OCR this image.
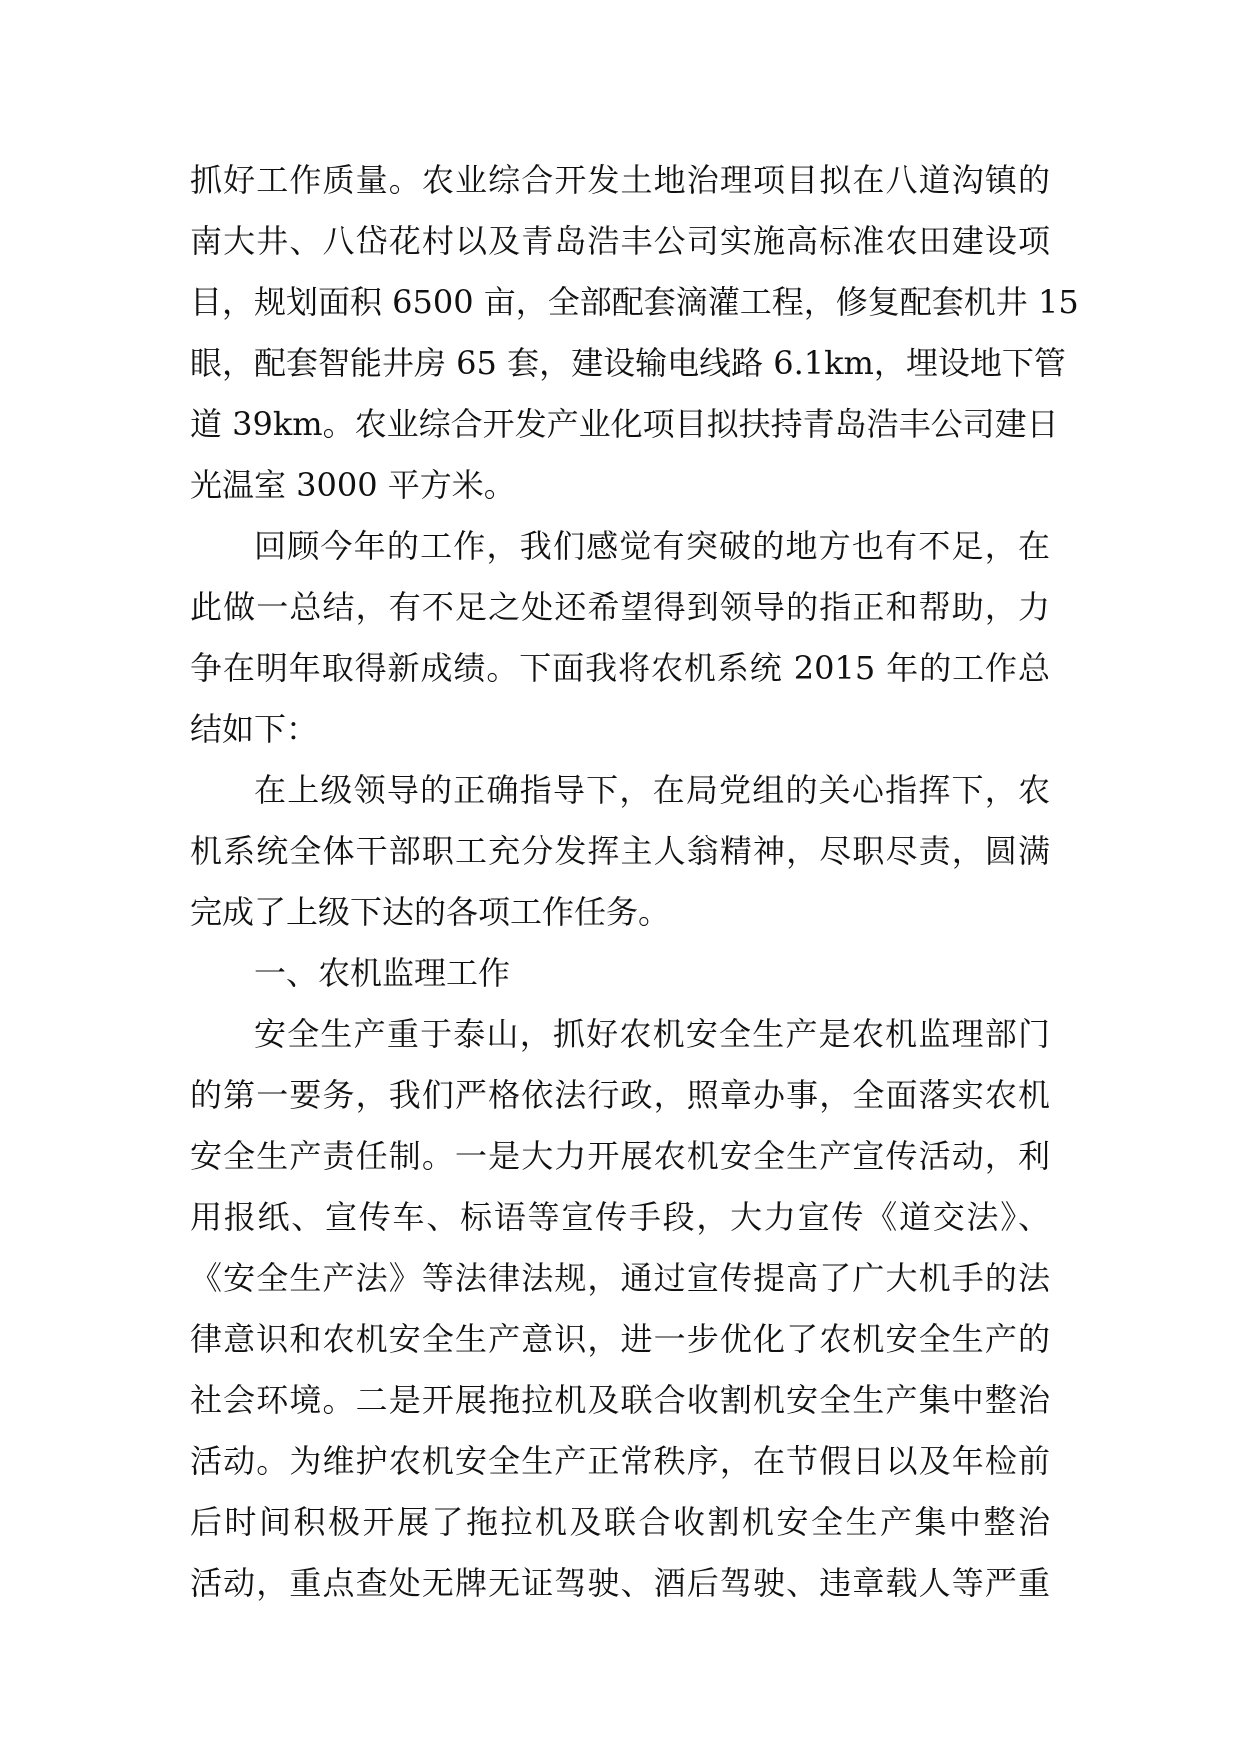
抓好工作质量。农业综合开发土地治理项目拟在八道沟镇的
南大井、八岱花村以及青岛浩丰公司实施高标准农田建设项
目，规划面积 6500 亩，全部配套滴灌工程，修复配套机井 15
眼，配套智能井房 65 套，建设输电线路 6.1km，埋设地下管
道 39km。农业综合开发产业化项目拟扶持青岛浩丰公司建日
光温室 3000 平方米。
回顾今年的工作，我们感觉有突破的地方也有不足，在
此做一总结，有不足之处还希望得到领导的指正和帮助，力
争在明年取得新成绩。下面我将农机系统 2015 年的工作总
结如下：
在上级领导的正确指导下，在局党组的关心指挥下，农
机系统全体干部职工充分发挥主人翁精神，尽职尽责，圆满
完成了上级下达的各项工作任务。
一、农机监理工作
安全生产重于泰山，抓好农机安全生产是农机监理部门
的第一要务，我们严格依法行政，照章办事，全面落实农机
安全生产责任制。一是大力开展农机安全生产宣传活动，利
用报纸、宣传车、标语等宣传手段，大力宣传《道交法》、
《安全生产法》等法律法规，通过宣传提高了广大机手的法
律意识和农机安全生产意识，进一步优化了农机安全生产的
社会环境。二是开展拖拉机及联合收割机安全生产集中整治
活动。为维护农机安全生产正常秩序，在节假日以及年检前
后时间积极开展了拖拉机及联合收割机安全生产集中整治
活动，重点查处无牌无证驾驶、酒后驾驶、违章载人等严重
